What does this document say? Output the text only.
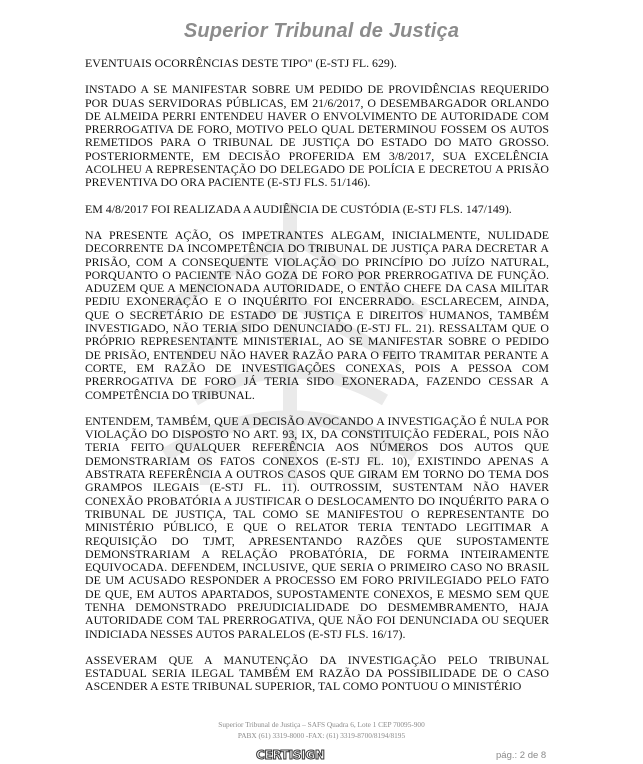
Superior Tribunal de Justiça

EVENTUAIS OCORRÊNCIAS DESTE TIPO" (E-STJ FL. 629).

INSTADO A SE MANIFESTAR SOBRE UM PEDIDO DE PROVIDÊNCIAS REQUERIDO POR DUAS SERVIDORAS PÚBLICAS, EM 21/6/2017, O DESEMBARGADOR ORLANDO DE ALMEIDA PERRI ENTENDEU HAVER O ENVOLVIMENTO DE AUTORIDADE COM PRERROGATIVA DE FORO, MOTIVO PELO QUAL DETERMINOU FOSSEM OS AUTOS REMETIDOS PARA O TRIBUNAL DE JUSTIÇA DO ESTADO DO MATO GROSSO. POSTERIORMENTE, EM DECISÃO PROFERIDA EM 3/8/2017, SUA EXCELÊNCIA ACOLHEU A REPRESENTAÇÃO DO DELEGADO DE POLÍCIA E DECRETOU A PRISÃO PREVENTIVA DO ORA PACIENTE (E-STJ FLS. 51/146).

EM 4/8/2017 FOI REALIZADA A AUDIÊNCIA DE CUSTÓDIA (E-STJ FLS. 147/149).

NA PRESENTE AÇÃO, OS IMPETRANTES ALEGAM, INICIALMENTE, NULIDADE DECORRENTE DA INCOMPETÊNCIA DO TRIBUNAL DE JUSTIÇA PARA DECRETAR A PRISÃO, COM A CONSEQUENTE VIOLAÇÃO DO PRINCÍPIO DO JUÍZO NATURAL, PORQUANTO O PACIENTE NÃO GOZA DE FORO POR PRERROGATIVA DE FUNÇÃO. ADUZEM QUE A MENCIONADA AUTORIDADE, O ENTÃO CHEFE DA CASA MILITAR PEDIU EXONERAÇÃO E O INQUÉRITO FOI ENCERRADO. ESCLARECEM, AINDA, QUE O SECRETÁRIO DE ESTADO DE JUSTIÇA E DIREITOS HUMANOS, TAMBÉM INVESTIGADO, NÃO TERIA SIDO DENUNCIADO (E-STJ FL. 21). RESSALTAM QUE O PRÓPRIO REPRESENTANTE MINISTERIAL, AO SE MANIFESTAR SOBRE O PEDIDO DE PRISÃO, ENTENDEU NÃO HAVER RAZÃO PARA O FEITO TRAMITAR PERANTE A CORTE, EM RAZÃO DE INVESTIGAÇÕES CONEXAS, POIS A PESSOA COM PRERROGATIVA DE FORO JÁ TERIA SIDO EXONERADA, FAZENDO CESSAR A COMPETÊNCIA DO TRIBUNAL.

ENTENDEM, TAMBÉM, QUE A DECISÃO AVOCANDO A INVESTIGAÇÃO É NULA POR VIOLAÇÃO DO DISPOSTO NO ART. 93, IX, DA CONSTITUIÇÃO FEDERAL, POIS NÃO TERIA FEITO QUALQUER REFERÊNCIA AOS NÚMEROS DOS AUTOS QUE DEMONSTRARIAM OS FATOS CONEXOS (E-STJ FL. 10), EXISTINDO APENAS A ABSTRATA REFERÊNCIA A OUTROS CASOS QUE GIRAM EM TORNO DO TEMA DOS GRAMPOS ILEGAIS (E-STJ FL. 11). OUTROSSIM, SUSTENTAM NÃO HAVER CONEXÃO PROBATÓRIA A JUSTIFICAR O DESLOCAMENTO DO INQUÉRITO PARA O TRIBUNAL DE JUSTIÇA, TAL COMO SE MANIFESTOU O REPRESENTANTE DO MINISTÉRIO PÚBLICO, E QUE O RELATOR TERIA TENTADO LEGITIMAR A REQUISIÇÃO DO TJMT, APRESENTANDO RAZÕES QUE SUPOSTAMENTE DEMONSTRARIAM A RELAÇÃO PROBATÓRIA, DE FORMA INTEIRAMENTE EQUIVOCADA. DEFENDEM, INCLUSIVE, QUE SERIA O PRIMEIRO CASO NO BRASIL DE UM ACUSADO RESPONDER A PROCESSO EM FORO PRIVILEGIADO PELO FATO DE QUE, EM AUTOS APARTADOS, SUPOSTAMENTE CONEXOS, E MESMO SEM QUE TENHA DEMONSTRADO PREJUDICIALIDADE DO DESMEMBRAMENTO, HAJA AUTORIDADE COM TAL PRERROGATIVA, QUE NÃO FOI DENUNCIADA OU SEQUER INDICIADA NESSES AUTOS PARALELOS (E-STJ FLS. 16/17).

ASSEVERAM QUE A MANUTENÇÃO DA INVESTIGAÇÃO PELO TRIBUNAL ESTADUAL SERIA ILEGAL TAMBÉM EM RAZÃO DA POSSIBILIDADE DE O CASO ASCENDER A ESTE TRIBUNAL SUPERIOR, TAL COMO PONTUOU O MINISTÉRIO

Superior Tribunal de Justiça – SAFS Quadra 6, Lote 1 CEP 70095-900
PABX (61) 3319-8000 -FAX: (61) 3319-8700/8194/8195
CERTISIGN	pág.: 2 de 8
